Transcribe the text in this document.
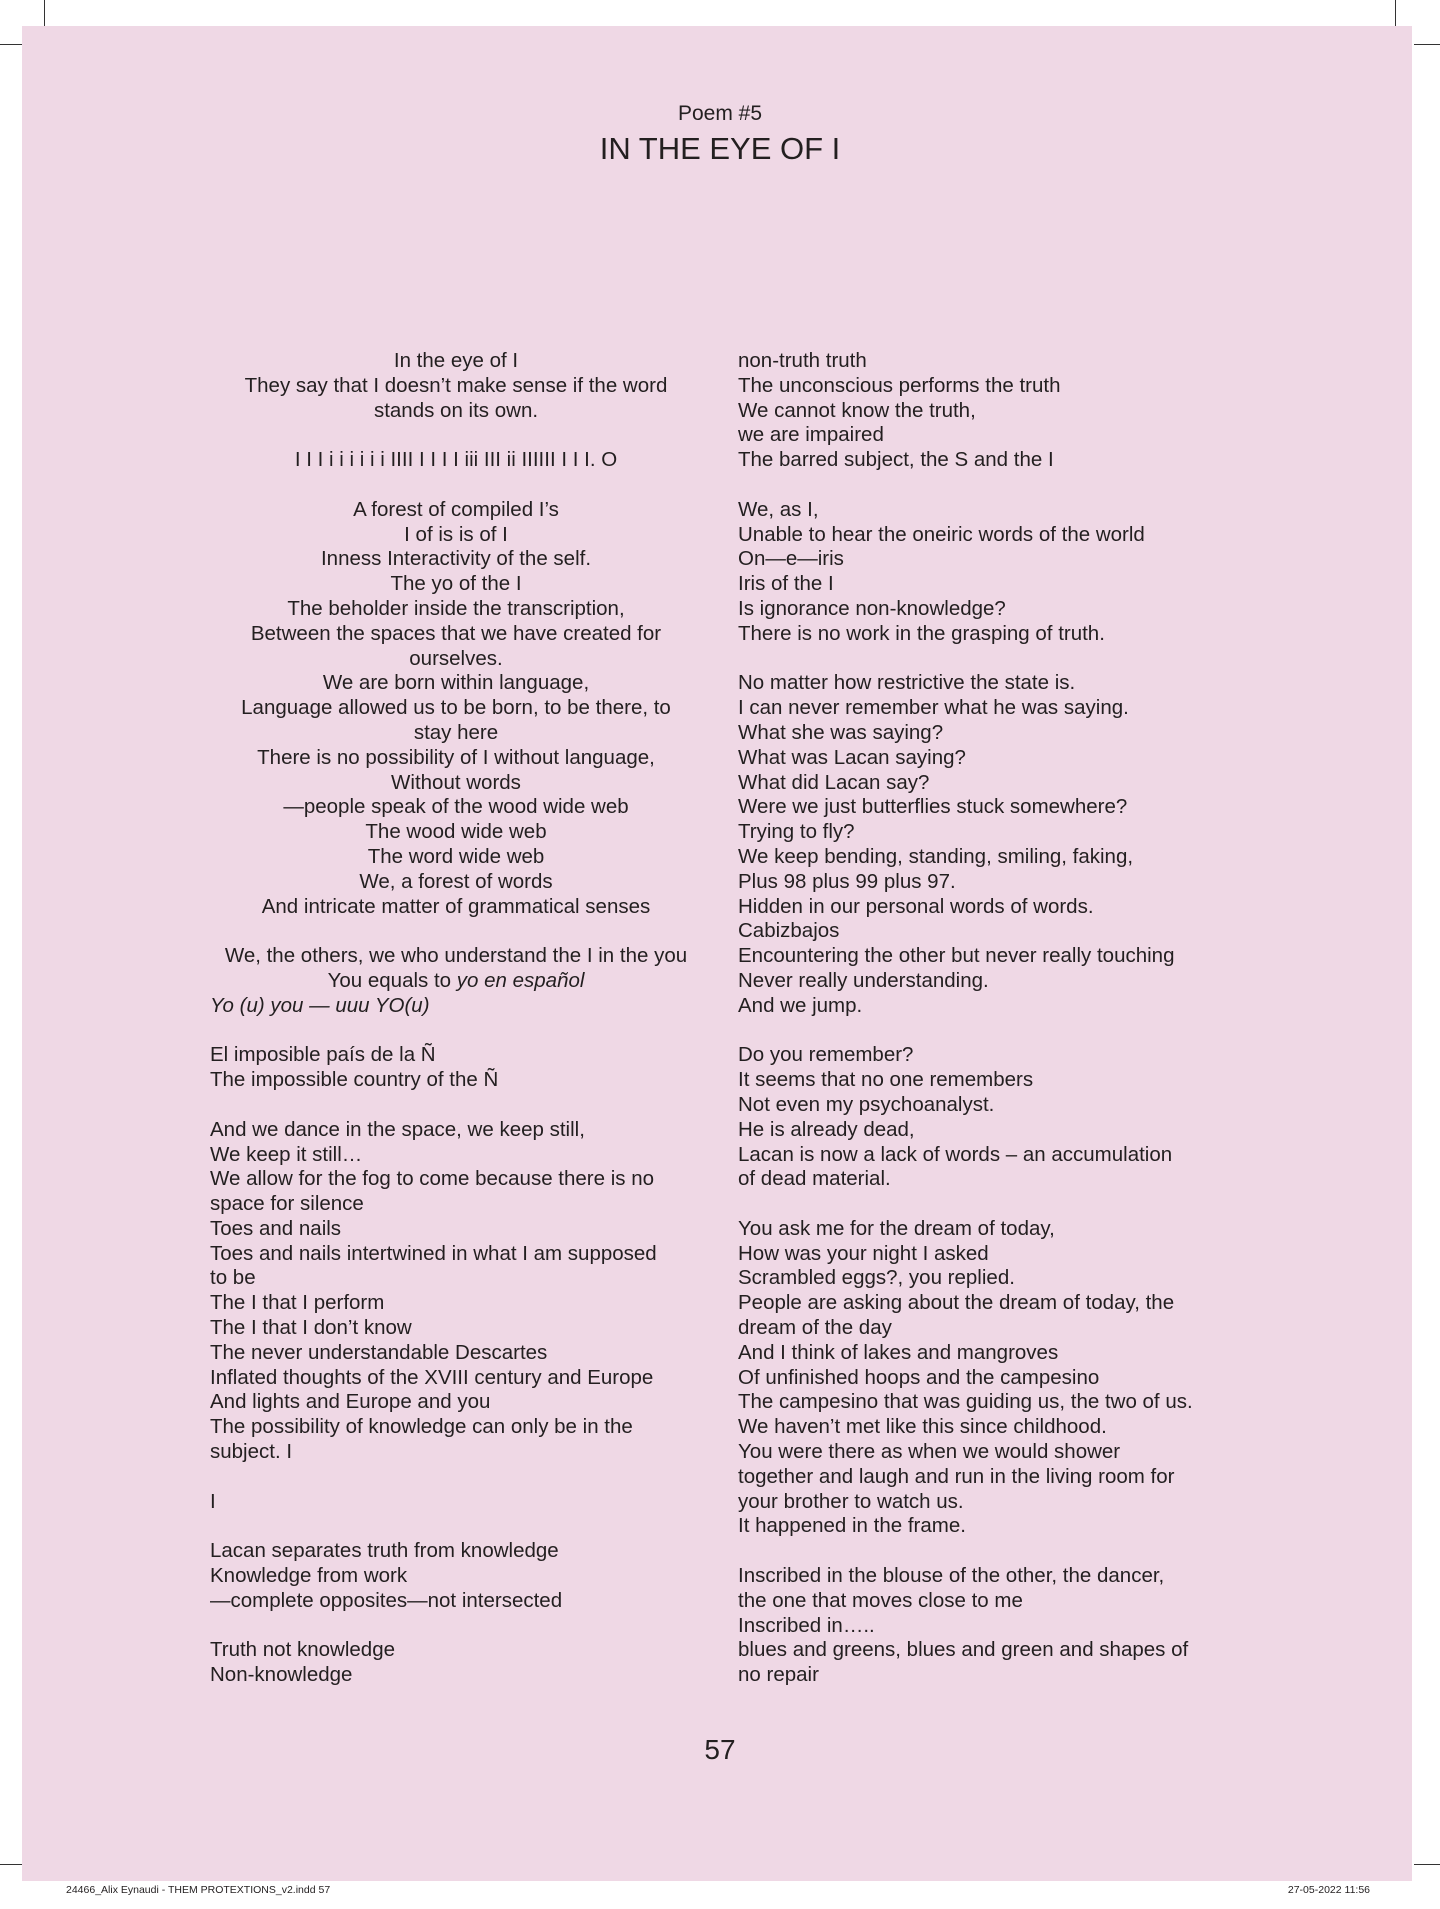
Poem #5
IN THE EYE OF I
In the eye of I
They say that I doesn’t make sense if the word
stands on its own.
I I I i i i i i i IIII I I I I iii III ii IIIIII I I I. O
A forest of compiled I’s
I of is is of I
Inness Interactivity of the self.
The yo of the I
The beholder inside the transcription,
Between the spaces that we have created for
ourselves.
We are born within language,
Language allowed us to be born, to be there, to
stay here
There is no possibility of I without language,
Without words
—people speak of the wood wide web
The wood wide web
The word wide web
We, a forest of words
And intricate matter of grammatical senses
We, the others, we who understand the I in the you
You equals to yo en español
Yo (u) you — uuu YO(u)
El imposible país de la Ñ
The impossible country of the Ñ
And we dance in the space, we keep still,
We keep it still…
We allow for the fog to come because there is no
space for silence
Toes and nails
Toes and nails intertwined in what I am supposed
to be
The I that I perform
The I that I don’t know
The never understandable Descartes
Inflated thoughts of the XVIII century and Europe
And lights and Europe and you
The possibility of knowledge can only be in the
subject. I
I
Lacan separates truth from knowledge
Knowledge from work
—complete opposites—not intersected
Truth not knowledge
Non-knowledge
non-truth truth
The unconscious performs the truth
We cannot know the truth,
we are impaired
The barred subject, the S and the I
We, as I,
Unable to hear the oneiric words of the world
On—e—iris
Iris of the I
Is ignorance non-knowledge?
There is no work in the grasping of truth.
No matter how restrictive the state is.
I can never remember what he was saying.
What she was saying?
What was Lacan saying?
What did Lacan say?
Were we just butterflies stuck somewhere?
Trying to fly?
We keep bending, standing, smiling, faking,
Plus 98 plus 99 plus 97.
Hidden in our personal words of words.
Cabizbajos
Encountering the other but never really touching
Never really understanding.
And we jump.
Do you remember?
It seems that no one remembers
Not even my psychoanalyst.
He is already dead,
Lacan is now a lack of words – an accumulation
of dead material.
You ask me for the dream of today,
How was your night I asked
Scrambled eggs?, you replied.
People are asking about the dream of today, the
dream of the day
And I think of lakes and mangroves
Of unfinished hoops and the campesino
The campesino that was guiding us, the two of us.
We haven’t met like this since childhood.
You were there as when we would shower
together and laugh and run in the living room for
your brother to watch us.
It happened in the frame.
Inscribed in the blouse of the other, the dancer,
the one that moves close to me
Inscribed in…..
blues and greens, blues and green and shapes of
no repair
57
24466_Alix Eynaudi - THEM PROTEXTIONS_v2.indd 57	27-05-2022 11:56
